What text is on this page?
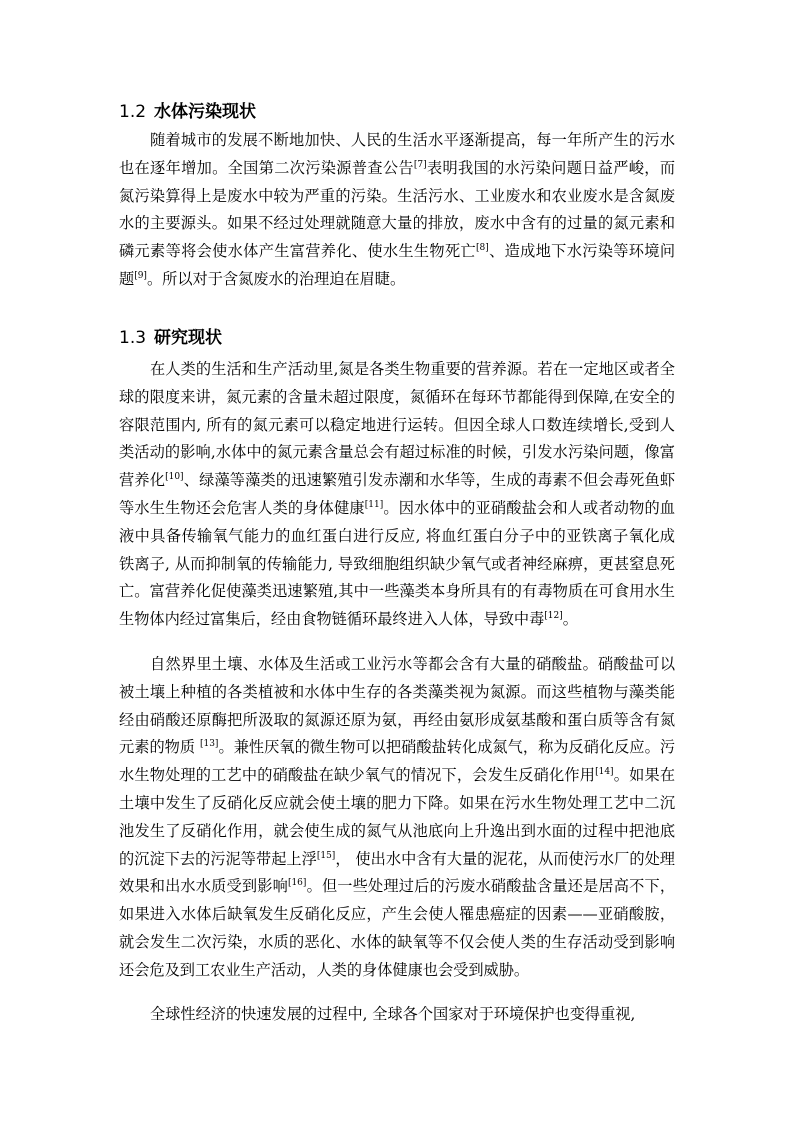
1.2 水体污染现状

随着城市的发展不断地加快、人民的生活水平逐渐提高，每一年所产生的污水也在逐年增加。全国第二次污染源普查公告[7]表明我国的水污染问题日益严峻，而氮污染算得上是废水中较为严重的污染。生活污水、工业废水和农业废水是含氮废水的主要源头。如果不经过处理就随意大量的排放，废水中含有的过量的氮元素和磷元素等将会使水体产生富营养化、使水生生物死亡[8]、造成地下水污染等环境问题[9]。所以对于含氮废水的治理迫在眉睫。

1.3 研究现状

在人类的生活和生产活动里,氮是各类生物重要的营养源。若在一定地区或者全球的限度来讲，氮元素的含量未超过限度，氮循环在每环节都能得到保障,在安全的容限范围内, 所有的氮元素可以稳定地进行运转。但因全球人口数连续增长,受到人类活动的影响,水体中的氮元素含量总会有超过标准的时候，引发水污染问题，像富营养化[10]、绿藻等藻类的迅速繁殖引发赤潮和水华等，生成的毒素不但会毒死鱼虾等水生生物还会危害人类的身体健康[11]。因水体中的亚硝酸盐会和人或者动物的血液中具备传输氧气能力的血红蛋白进行反应, 将血红蛋白分子中的亚铁离子氧化成铁离子, 从而抑制氧的传输能力, 导致细胞组织缺少氧气或者神经麻痹，更甚窒息死亡。富营养化促使藻类迅速繁殖,其中一些藻类本身所具有的有毒物质在可食用水生生物体内经过富集后，经由食物链循环最终进入人体，导致中毒[12]。

自然界里土壤、水体及生活或工业污水等都会含有大量的硝酸盐。硝酸盐可以被土壤上种植的各类植被和水体中生存的各类藻类视为氮源。而这些植物与藻类能经由硝酸还原酶把所汲取的氮源还原为氨，再经由氨形成氨基酸和蛋白质等含有氮元素的物质 [13]。兼性厌氧的微生物可以把硝酸盐转化成氮气，称为反硝化反应。污水生物处理的工艺中的硝酸盐在缺少氧气的情况下，会发生反硝化作用[14]。如果在土壤中发生了反硝化反应就会使土壤的肥力下降。如果在污水生物处理工艺中二沉池发生了反硝化作用，就会使生成的氮气从池底向上升逸出到水面的过程中把池底的沉淀下去的污泥等带起上浮[15]， 使出水中含有大量的泥花，从而使污水厂的处理效果和出水水质受到影响[16]。但一些处理过后的污废水硝酸盐含量还是居高不下，如果进入水体后缺氧发生反硝化反应，产生会使人罹患癌症的因素——亚硝酸胺，就会发生二次污染，水质的恶化、水体的缺氧等不仅会使人类的生存活动受到影响还会危及到工农业生产活动，人类的身体健康也会受到威胁。

全球性经济的快速发展的过程中, 全球各个国家对于环境保护也变得重视,
